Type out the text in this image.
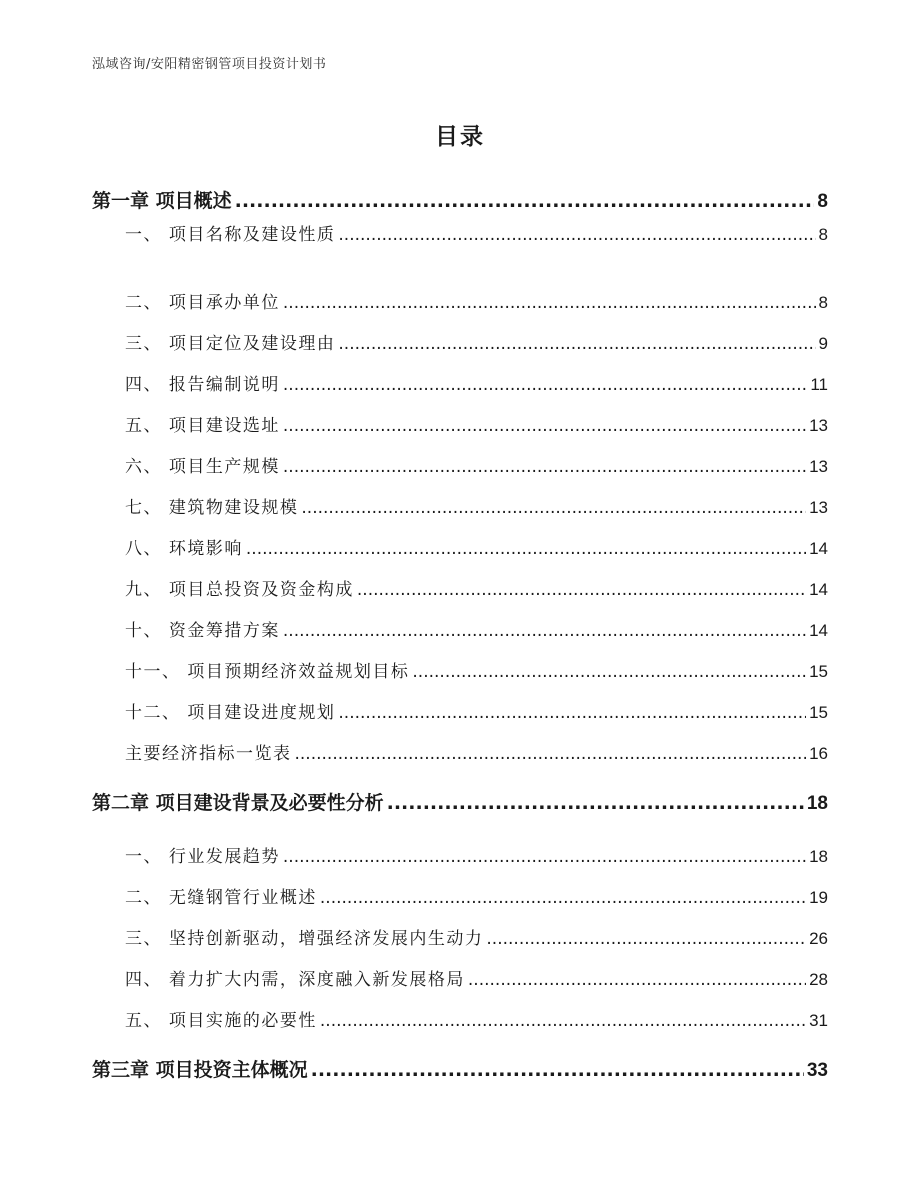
泓域咨询/安阳精密钢管项目投资计划书
目录
第一章 项目概述 .....	8
一、 项目名称及建设性质 .....	8
二、 项目承办单位 .....	8
三、 项目定位及建设理由 .....	9
四、 报告编制说明 .....	11
五、 项目建设选址 .....	13
六、 项目生产规模 .....	13
七、 建筑物建设规模 .....	13
八、 环境影响 .....	14
九、 项目总投资及资金构成 .....	14
十、 资金筹措方案 .....	14
十一、 项目预期经济效益规划目标 .....	15
十二、 项目建设进度规划 .....	15
主要经济指标一览表 .....	16
第二章 项目建设背景及必要性分析 .....	18
一、 行业发展趋势 .....	18
二、 无缝钢管行业概述 .....	19
三、 坚持创新驱动，增强经济发展内生动力 .....	26
四、 着力扩大内需，深度融入新发展格局 .....	28
五、 项目实施的必要性 .....	31
第三章 项目投资主体概况 .....	33
